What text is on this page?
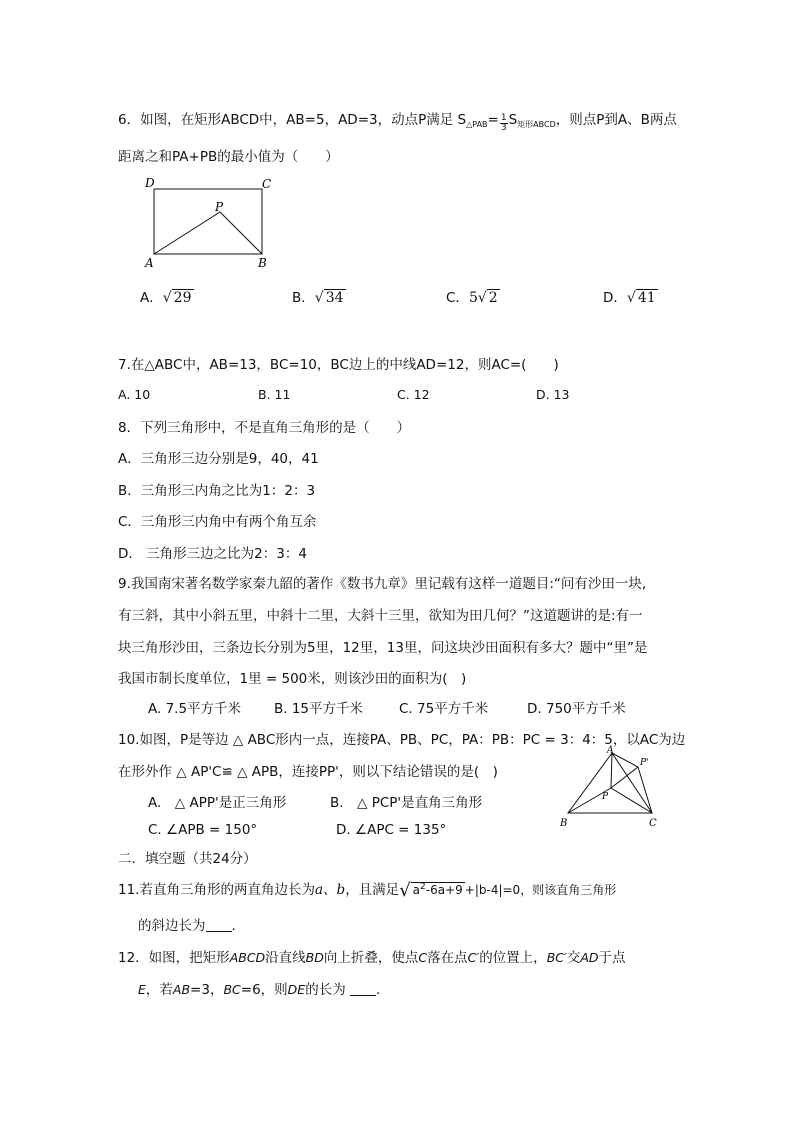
6．如图，在矩形ABCD中，AB=5，AD=3，动点P满足 $S_{\triangle PAB}= \frac{1}{3} S_{矩形ABCD}$，则点P到A、B两点
距离之和PA+PB的最小值为（　　）
D	C
P
A	B
A．√ 29	B．√ 34	C．5√ 2	D．√ 41
7.在△ABC中，AB=13，BC=10，BC边上的中线AD=12，则AC=(　　)
A. 10	B. 11	C. 12	D. 13
8．下列三角形中，不是直角三角形的是（　　）
A．三角形三边分别是9，40，41
B．三角形三内角之比为1：2：3
C．三角形三内角中有两个角互余
D.　三角形三边之比为2：3：4
9.我国南宋著名数学家秦九韶的著作《数书九章》里记载有这样一道题目:“问有沙田一块,
有三斜，其中小斜五里，中斜十二里，大斜十三里，欲知为田几何？”这道题讲的是:有一
块三角形沙田，三条边长分别为5里，12里，13里，问这块沙田面积有多大？题中“里”是
我国市制长度单位，1里 = 500米，则该沙田的面积为(　)
A. 7.5平方千米 B. 15平方千米	C. 75平方千米	D. 750平方千米
10.如图，P是等边 △ ABC形内一点，连接PA、PB、PC，PA：PB：PC = 3：4：5，以AC为边
在形外作 △ AP'C≌ △ APB，连接PP'，则以下结论错误的是(　)
A.　△ APP'是正三角形	B.　△ PCP'是直角三角形
C. ∠APB = 150°	D. ∠APC = 135°
A
P'
P
B	C
二．填空题（共24分）
11.若直角三角形的两直角边长为a、b，且满足√ $a^2-6a+9 +|b-4|=0$，则该直角三角形
的斜边长为 .
12．如图，把矩形ABCD沿直线BD向上折叠，使点C落在点C′的位置上，BC′交AD于点
E，若AB=3，BC=6，则DE的长为 .
